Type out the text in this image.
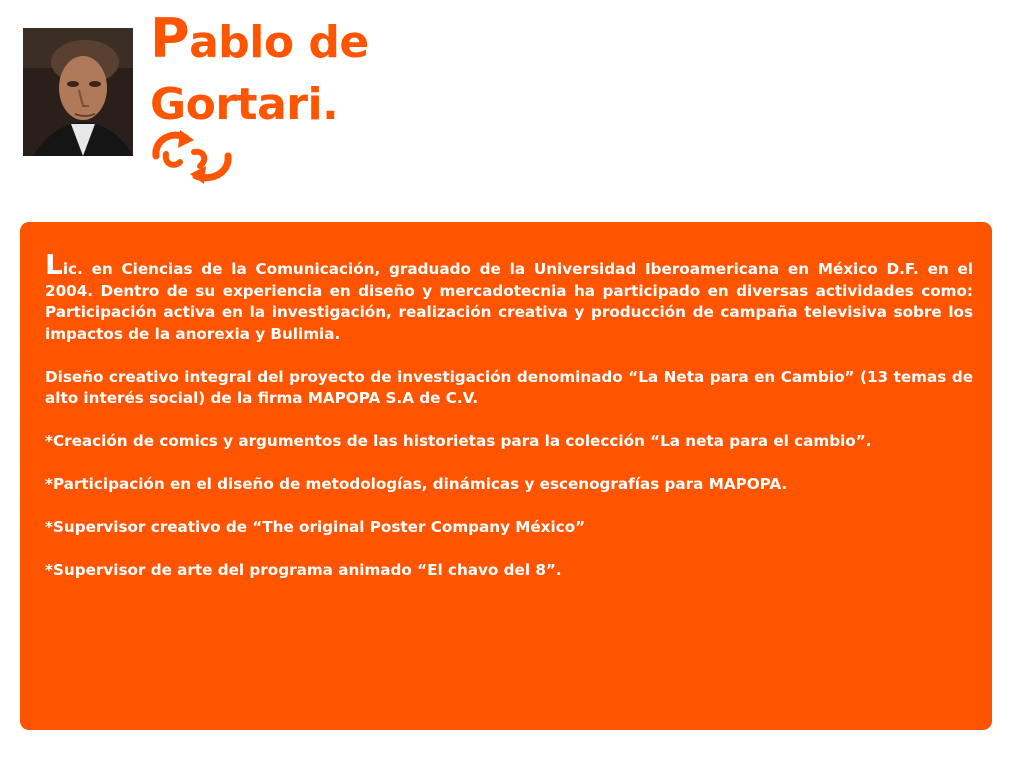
Pablo de
Gortari.

Lic. en Ciencias de la Comunicación, graduado de la Universidad Iberoamericana en México D.F. en el 2004. Dentro de su experiencia en diseño y mercadotecnia ha participado en diversas actividades como: Participación activa en la investigación, realización creativa y producción de campaña televisiva sobre los impactos de la anorexia y Bulimia.

Diseño creativo integral del proyecto de investigación denominado “La Neta para en Cambio” (13 temas de alto interés social) de la firma MAPOPA S.A de C.V.

*Creación de comics y argumentos de las historietas para la colección “La neta para el cambio”.

*Participación en el diseño de metodologías, dinámicas y escenografías para MAPOPA.

*Supervisor creativo de “The original Poster Company México”

*Supervisor de arte del programa animado “El chavo del 8”.
